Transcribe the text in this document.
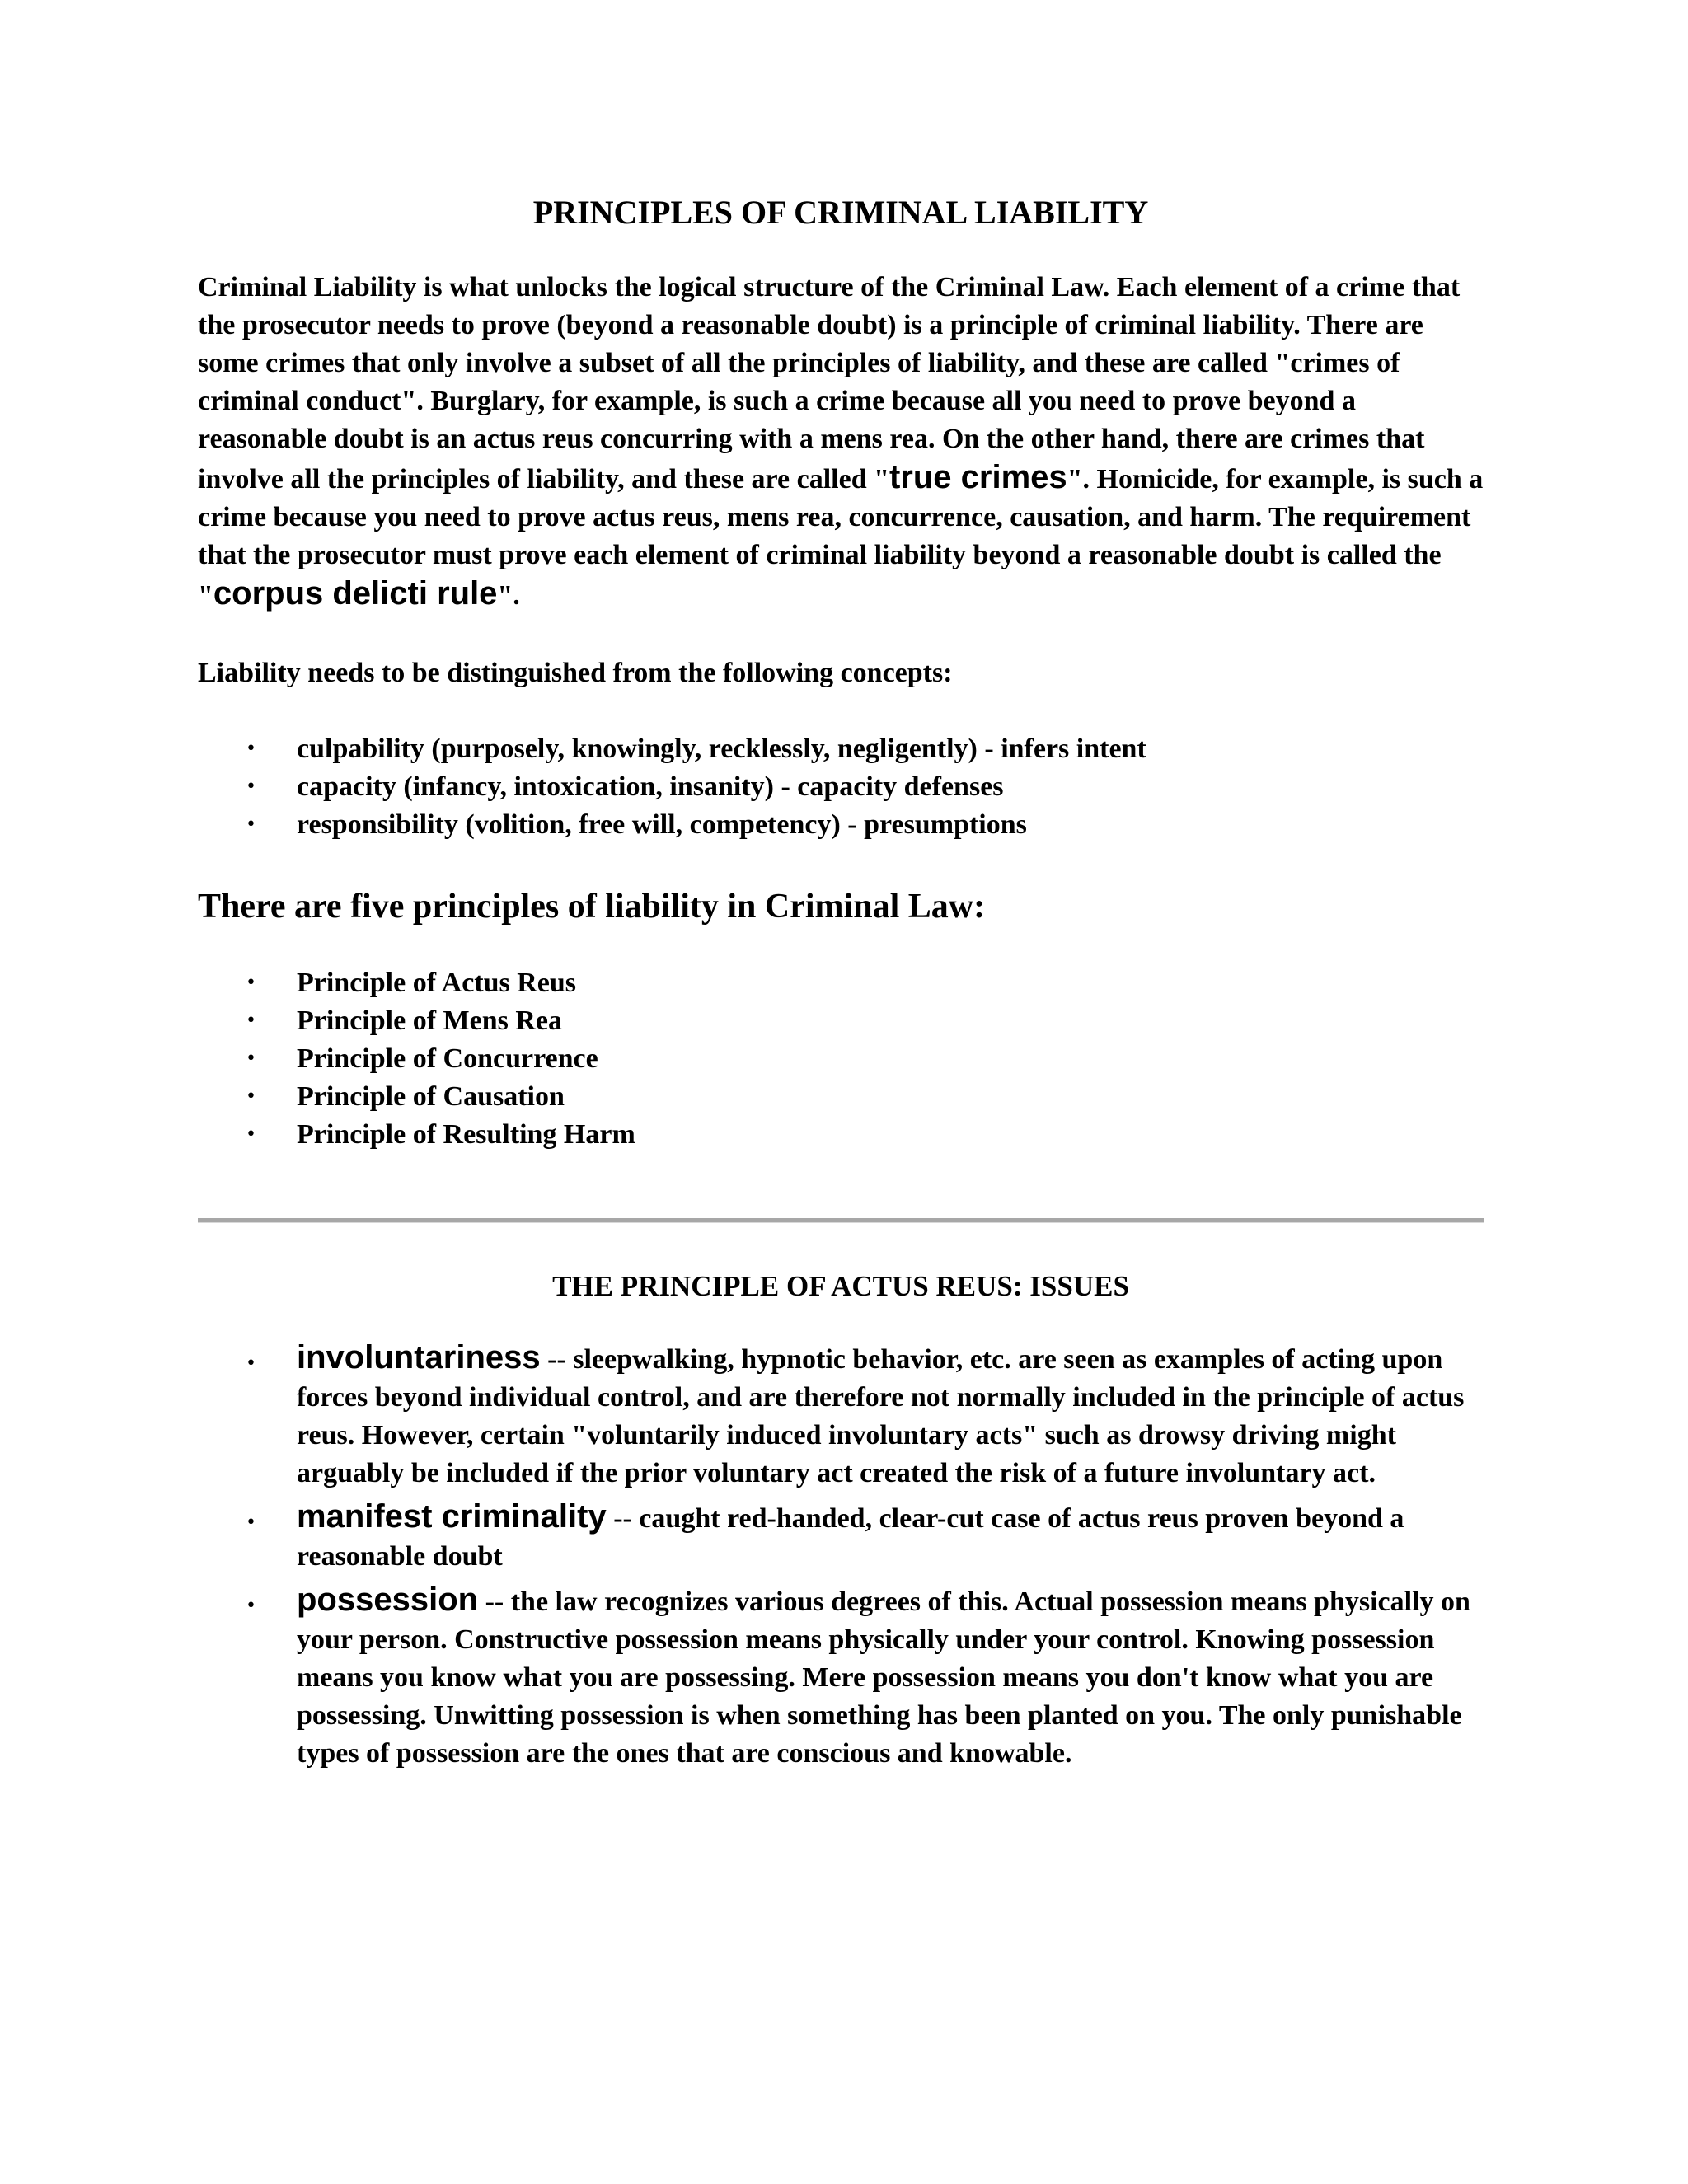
PRINCIPLES OF CRIMINAL LIABILITY

Criminal Liability is what unlocks the logical structure of the Criminal Law. Each element of a crime that the prosecutor needs to prove (beyond a reasonable doubt) is a principle of criminal liability. There are some crimes that only involve a subset of all the principles of liability, and these are called "crimes of criminal conduct". Burglary, for example, is such a crime because all you need to prove beyond a reasonable doubt is an actus reus concurring with a mens rea. On the other hand, there are crimes that involve all the principles of liability, and these are called "true crimes". Homicide, for example, is such a crime because you need to prove actus reus, mens rea, concurrence, causation, and harm. The requirement that the prosecutor must prove each element of criminal liability beyond a reasonable doubt is called the "corpus delicti rule".

Liability needs to be distinguished from the following concepts:

• culpability (purposely, knowingly, recklessly, negligently) - infers intent
• capacity (infancy, intoxication, insanity) - capacity defenses
• responsibility (volition, free will, competency) - presumptions
There are five principles of liability in Criminal Law:
• Principle of Actus Reus
• Principle of Mens Rea
• Principle of Concurrence
• Principle of Causation
• Principle of Resulting Harm
THE PRINCIPLE OF ACTUS REUS: ISSUES
• involuntariness -- sleepwalking, hypnotic behavior, etc. are seen as examples of acting upon forces beyond individual control, and are therefore not normally included in the principle of actus reus. However, certain "voluntarily induced involuntary acts" such as drowsy driving might arguably be included if the prior voluntary act created the risk of a future involuntary act.
• manifest criminality -- caught red-handed, clear-cut case of actus reus proven beyond a reasonable doubt
• possession -- the law recognizes various degrees of this. Actual possession means physically on your person. Constructive possession means physically under your control. Knowing possession means you know what you are possessing. Mere possession means you don't know what you are possessing. Unwitting possession is when something has been planted on you. The only punishable types of possession are the ones that are conscious and knowable.
